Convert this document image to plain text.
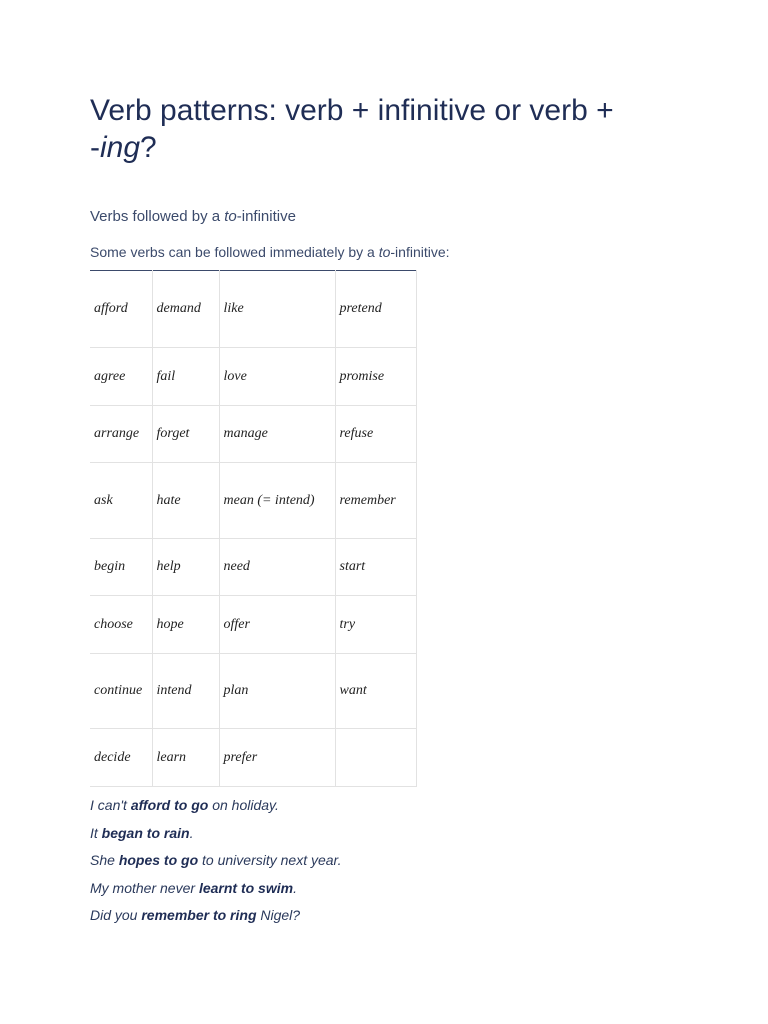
Verb patterns: verb + infinitive or verb +
-ing?

Verbs followed by a to-infinitive

Some verbs can be followed immediately by a to-infinitive:

afford	demand	like	pretend
agree	fail	love	promise
arrange	forget	manage	refuse
ask	hate	mean (= intend)	remember
begin	help	need	start
choose	hope	offer	try
continue	intend	plan	want
decide	learn	prefer	
I can't afford to go on holiday.
It began to rain.
She hopes to go to university next year.
My mother never learnt to swim.
Did you remember to ring Nigel?
